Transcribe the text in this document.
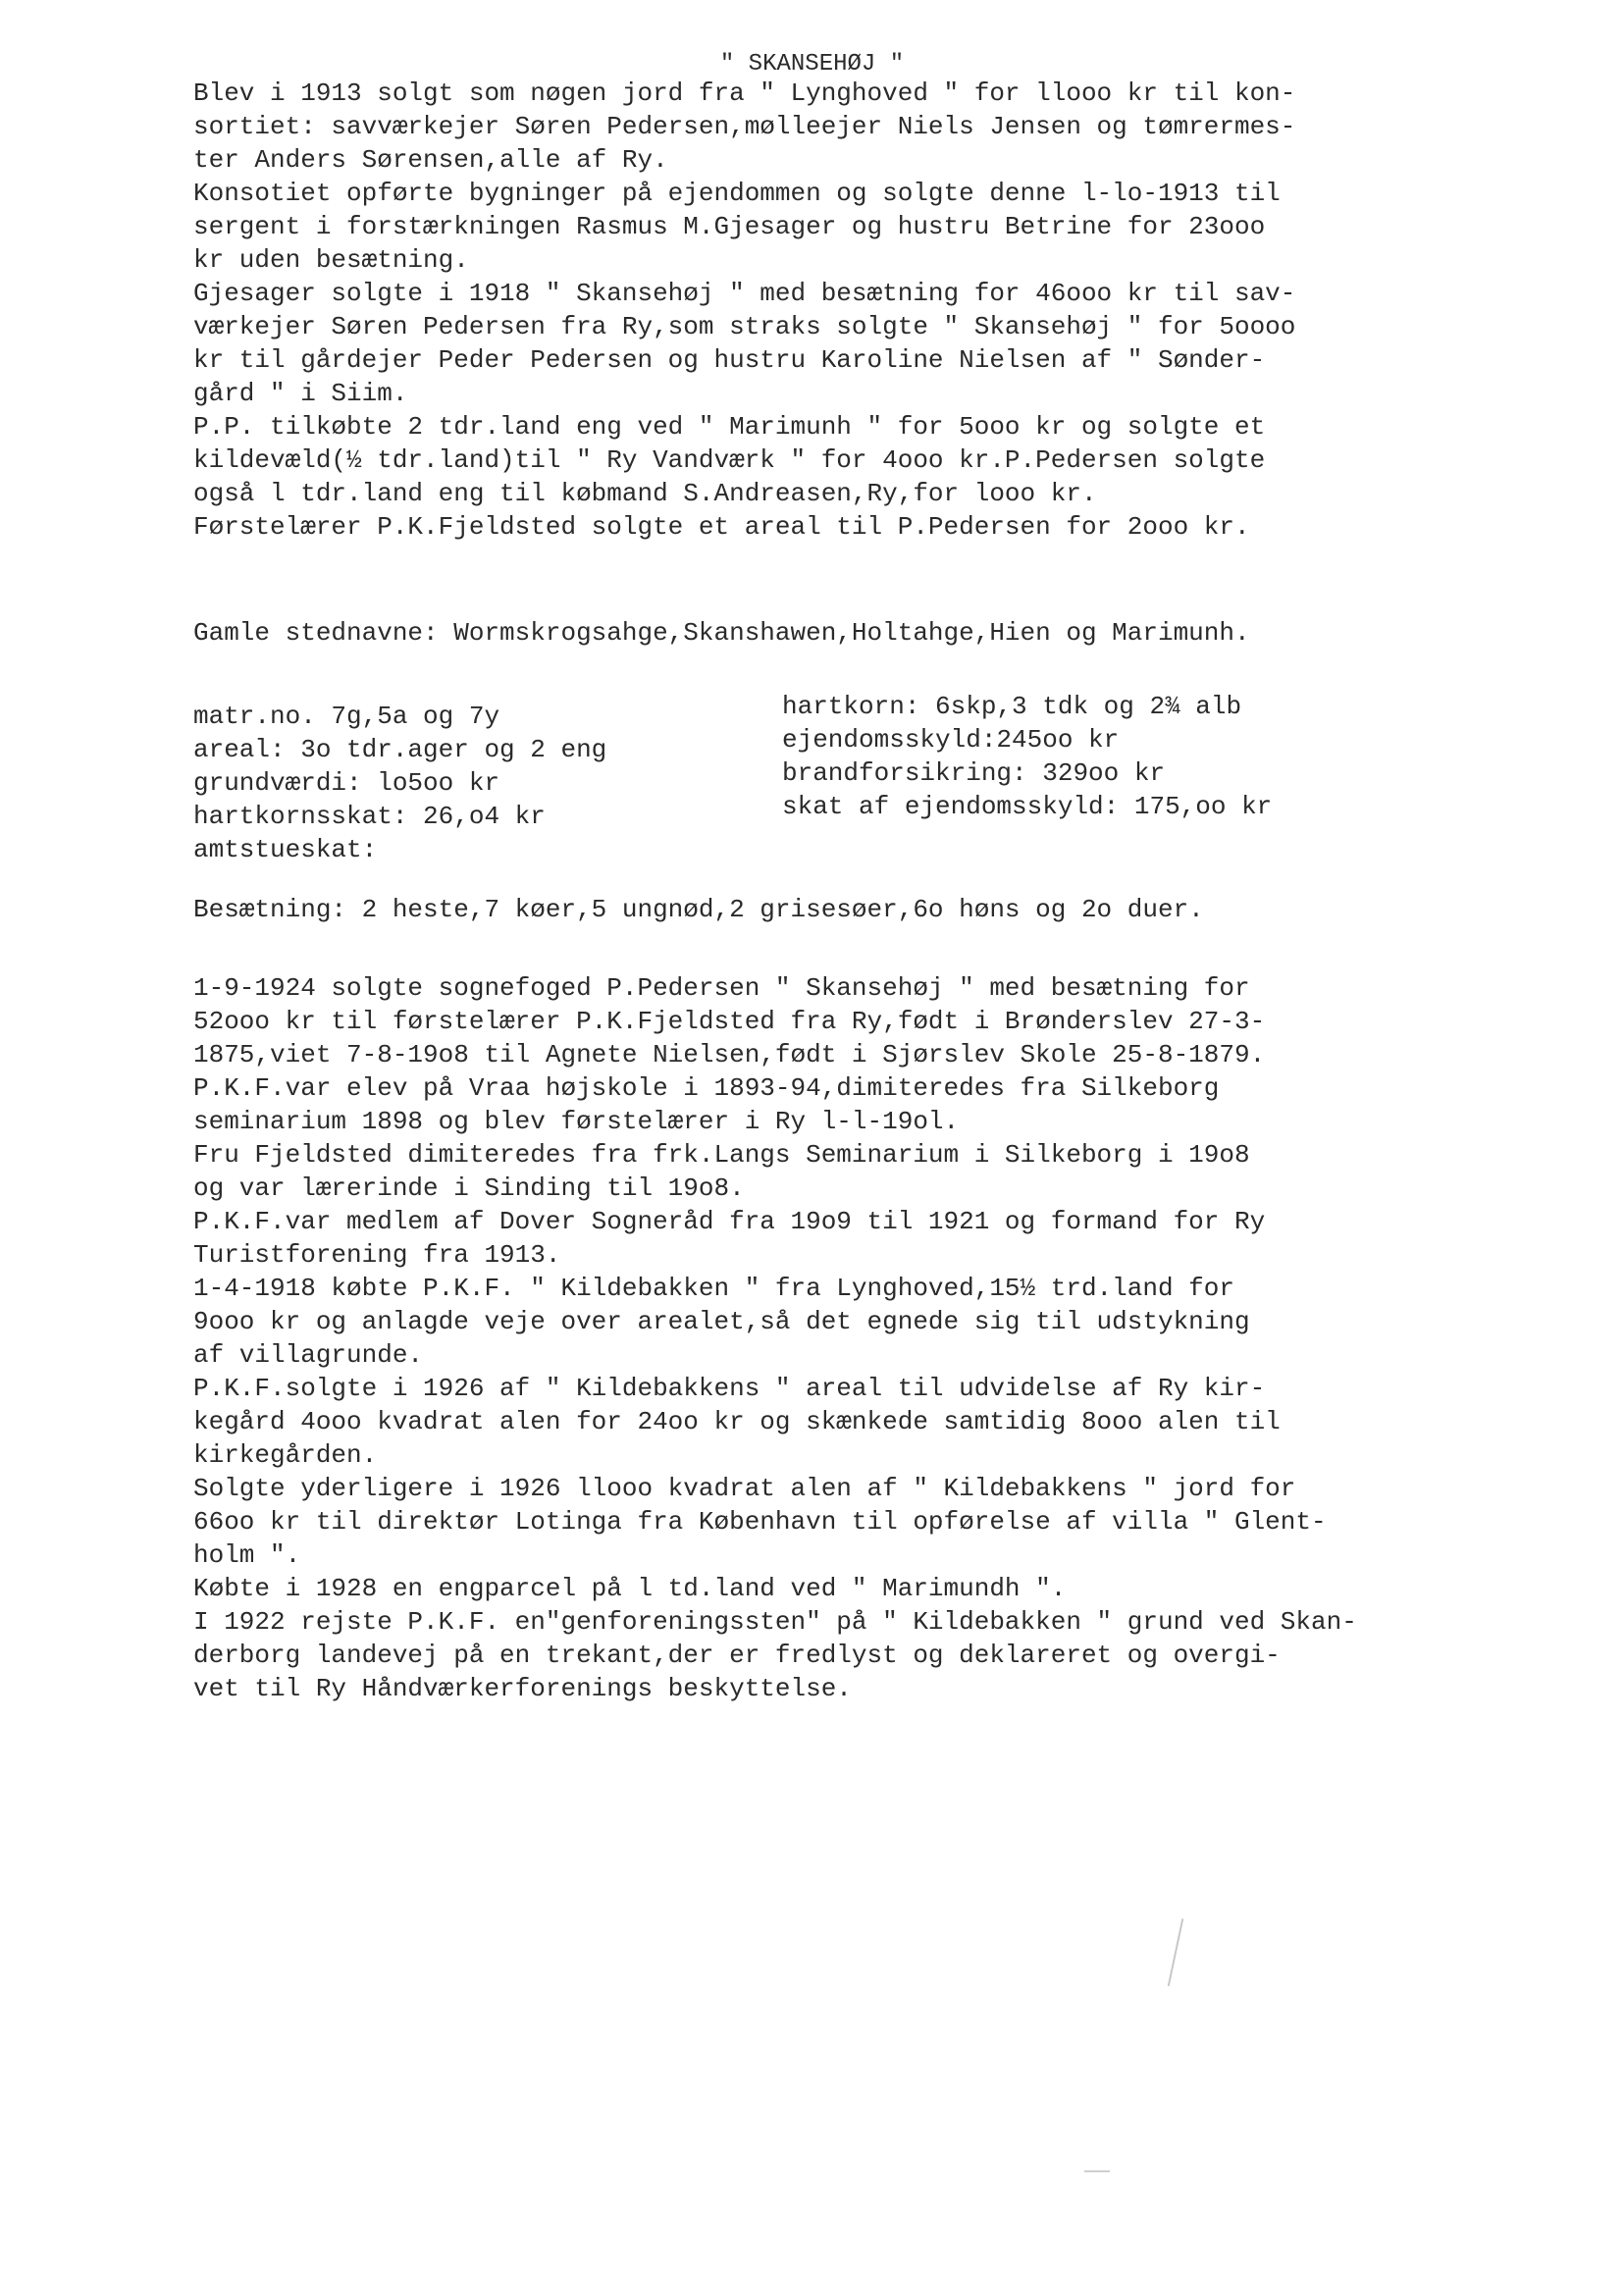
" SKANSEHØJ "
Blev i 1913 solgt som nøgen jord fra " Lynghoved " for llooo kr til kon-
sortiet: savværkejer Søren Pedersen,mølleejer Niels Jensen og tømrermes-
ter Anders Sørensen,alle af Ry.
Konsotiet opførte bygninger på ejendommen og solgte denne l-lo-1913 til
sergent i forstærkningen Rasmus M.Gjesager og hustru Betrine for 23ooo
kr uden besætning.
Gjesager solgte i 1918 " Skansehøj " med besætning for 46ooo kr til sav-
værkejer Søren Pedersen fra Ry,som straks solgte " Skansehøj " for 5oooo
kr til gårdejer Peder Pedersen og hustru Karoline Nielsen af " Sønder-
gård " i Siim.
P.P. tilkøbte 2 tdr.land eng ved " Marimunh " for 5ooo kr og solgte et
kildevæld(½ tdr.land)til " Ry Vandværk " for 4ooo kr.P.Pedersen solgte
også l tdr.land eng til købmand S.Andreasen,Ry,for looo kr.
Førstelærer P.K.Fjeldsted solgte et areal til P.Pedersen for 2ooo kr.
Gamle stednavne: Wormskrogsahge,Skanshawen,Holtahge,Hien og Marimunh.
matr.no. 7g,5a og 7y
areal: 3o tdr.ager og 2 eng
grundværdi: lo5oo kr
hartkornsskat: 26,o4 kr
amtstueskat:
hartkorn: 6skp,3 tdk og 2¾ alb
ejendomsskyld:245oo kr
brandforsikring: 329oo kr
skat af ejendomsskyld: 175,oo kr
Besætning: 2 heste,7 køer,5 ungnød,2 grisesøer,6o høns og 2o duer.
1-9-1924 solgte sognefoged P.Pedersen " Skansehøj " med besætning for
52ooo kr til førstelærer P.K.Fjeldsted fra Ry,født i Brønderslev 27-3-
1875,viet 7-8-19o8 til Agnete Nielsen,født i Sjørslev Skole 25-8-1879.
P.K.F.var elev på Vraa højskole i 1893-94,dimiteredes fra Silkeborg
seminarium 1898 og blev førstelærer i Ry l-l-19ol.
Fru Fjeldsted dimiteredes fra frk.Langs Seminarium i Silkeborg i 19o8
og var lærerinde i Sinding til 19o8.
P.K.F.var medlem af Dover Sogneråd fra 19o9 til 1921 og formand for Ry
Turistforening fra 1913.
1-4-1918 købte P.K.F. " Kildebakken " fra Lynghoved,15½ trd.land for
9ooo kr og anlagde veje over arealet,så det egnede sig til udstykning
af villagrunde.
P.K.F.solgte i 1926 af " Kildebakkens " areal til udvidelse af Ry kir-
kegård 4ooo kvadrat alen for 24oo kr og skænkede samtidig 8ooo alen til
kirkegården.
Solgte yderligere i 1926 llooo kvadrat alen af " Kildebakkens " jord for
66oo kr til direktør Lotinga fra København til opførelse af villa " Glent-
holm ".
Købte i 1928 en engparcel på l td.land ved " Marimundh ".
I 1922 rejste P.K.F. en"genforeningssten" på " Kildebakken " grund ved Skan-
derborg landevej på en trekant,der er fredlyst og deklareret og overgi-
vet til Ry Håndværkerforenings beskyttelse.
